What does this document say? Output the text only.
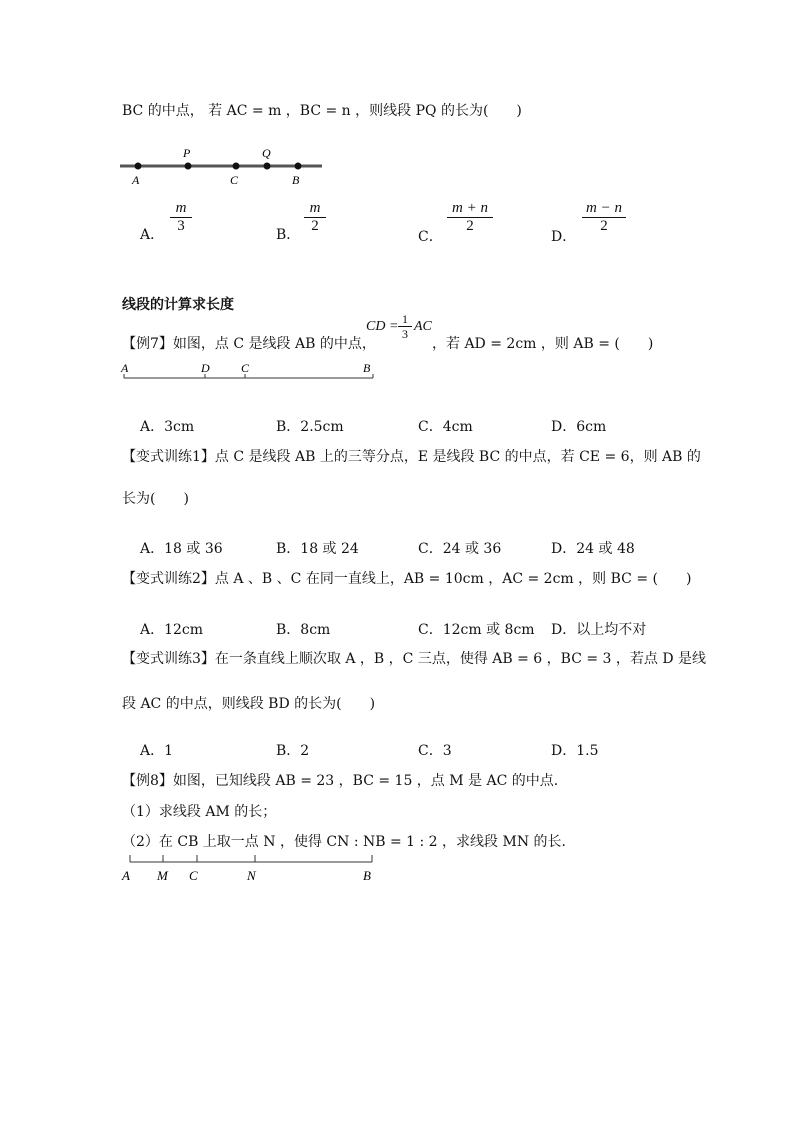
BC 的中点， 若 AC = m ，BC = n ，则线段 PQ 的长为(　　)
A
P
C
Q
B
A． $\frac{m}{3}$	B． $\frac{m}{2}$
C．
$\frac{m + n}{2}$
D．
$\frac{m - n}{2}$
线段的计算求长度
【例7】如图，点 C 是线段 AB 的中点，
CD = $\frac{1}{3}$ AC
，若 AD = 2cm ，则 AB = (　　)
A	D	C	B
A．3cm	B．2.5cm	C．4cm	D．6cm
【变式训练1】点 C 是线段 AB 上的三等分点，E 是线段 BC 的中点，若 CE = 6，则 AB 的
长为(　　)
A．18 或 36	B．18 或 24	C．24 或 36	D．24 或 48
【变式训练2】点 A 、B 、C 在同一直线上，AB = 10cm ，AC = 2cm ，则 BC = (　　)
A．12cm	B．8cm	C．12cm 或 8cm D．以上均不对
【变式训练3】在一条直线上顺次取 A ，B ，C 三点，使得 AB = 6 ，BC = 3 ，若点 D 是线
段 AC 的中点，则线段 BD 的长为(　　)
A．1	B．2	C．3	D．1.5
【例8】如图，已知线段 AB = 23 ，BC = 15 ，点 M 是 AC 的中点．
（1）求线段 AM 的长；
（2）在 CB 上取一点 N ，使得 CN : NB = 1 : 2 ，求线段 MN 的长．
A M C	N	B
